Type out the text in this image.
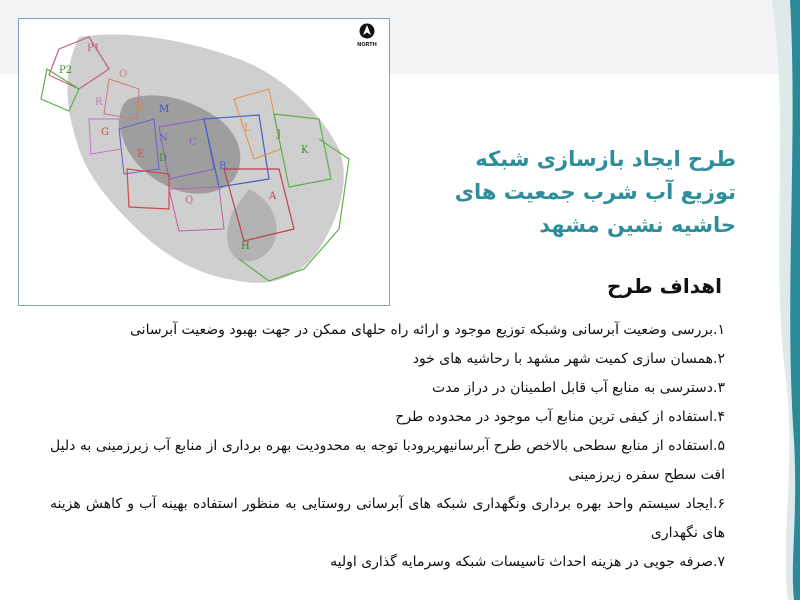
P1
P2	O
R
F M
G
N C
E D
L
B
J
K
A
Q
H
NORTH
طرح ایجاد بازسازی شبکه
توزیع آب شرب جمعیت های
حاشیه نشین مشهد
اهداف طرح
۱.بررسی وضعیت آبرسانی وشبکه توزیع موجود و ارائه راه حلهای ممکن در جهت بهبود وضعیت آبرسانی
۲.همسان سازی کمیت شهر مشهد با رحاشیه های خود
۳.دسترسی به منابع آب قابل اطمینان در دراز مدت
۴.استفاده از کیفی ترین منابع آب موجود در محدوده طرح
۵.استفاده از منابع سطحی بالاخص طرح آبرسانیهریرودبا توجه به محدودیت بهره برداری از منابع آب زیرزمینی به دلیل افت سطح سفره زیرزمینی
۶.ایجاد سیستم واحد بهره برداری ونگهداری شبکه های آبرسانی روستایی به منظور استفاده بهینه آب و کاهش هزینه های نگهداری
۷.صرفه جویی در هزینه احداث تاسیسات شبکه وسرمایه گذاری اولیه
